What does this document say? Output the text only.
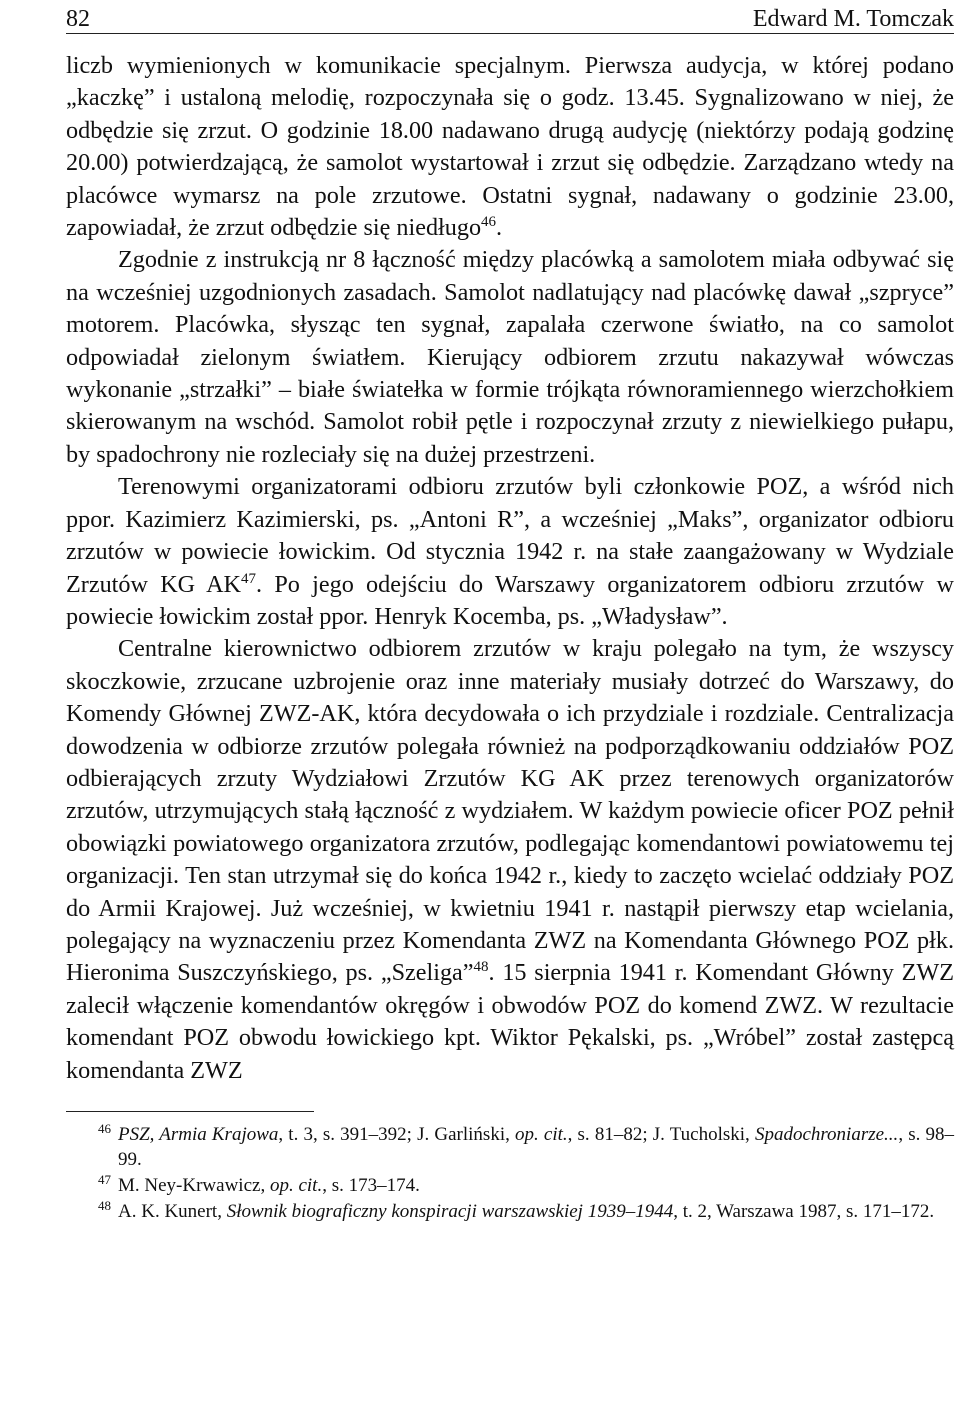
82	Edward M. Tomczak

liczb wymienionych w komunikacie specjalnym. Pierwsza audycja, w której podano „kaczkę” i ustaloną melodię, rozpoczynała się o godz. 13.45. Sygnalizowano w niej, że odbędzie się zrzut. O godzinie 18.00 nadawano drugą audycję (niektórzy podają godzinę 20.00) potwierdzającą, że samolot wystartował i zrzut się odbędzie. Zarządzano wtedy na placówce wymarsz na pole zrzutowe. Ostatni sygnał, nadawany o godzinie 23.00, zapowiadał, że zrzut odbędzie się niedługo$^{46}$.

Zgodnie z instrukcją nr 8 łączność między placówką a samolotem miała odbywać się na wcześniej uzgodnionych zasadach. Samolot nadlatujący nad placówkę dawał „szpryce” motorem. Placówka, słysząc ten sygnał, zapalała czerwone światło, na co samolot odpowiadał zielonym światłem. Kierujący odbiorem zrzutu nakazywał wówczas wykonanie „strzałki” – białe światełka w formie trójkąta równoramiennego wierzchołkiem skierowanym na wschód. Samolot robił pętle i rozpoczynał zrzuty z niewielkiego pułapu, by spadochrony nie rozleciały się na dużej przestrzeni.

Terenowymi organizatorami odbioru zrzutów byli członkowie POZ, a wśród nich ppor. Kazimierz Kazimierski, ps. „Antoni R”, a wcześniej „Maks”, organizator odbioru zrzutów w powiecie łowickim. Od stycznia 1942 r. na stałe zaangażowany w Wydziale Zrzutów KG AK$^{47}$. Po jego odejściu do Warszawy organizatorem odbioru zrzutów w powiecie łowickim został ppor. Henryk Kocemba, ps. „Władysław”.

Centralne kierownictwo odbiorem zrzutów w kraju polegało na tym, że wszyscy skoczkowie, zrzucane uzbrojenie oraz inne materiały musiały dotrzeć do Warszawy, do Komendy Głównej ZWZ-AK, która decydowała o ich przydziale i rozdziale. Centralizacja dowodzenia w odbiorze zrzutów polegała również na podporządkowaniu oddziałów POZ odbierających zrzuty Wydziałowi Zrzutów KG AK przez terenowych organizatorów zrzutów, utrzymujących stałą łączność z wydziałem. W każdym powiecie oficer POZ pełnił obowiązki powiatowego organizatora zrzutów, podlegając komendantowi powiatowemu tej organizacji. Ten stan utrzymał się do końca 1942 r., kiedy to zaczęto wcielać oddziały POZ do Armii Krajowej. Już wcześniej, w kwietniu 1941 r. nastąpił pierwszy etap wcielania, polegający na wyznaczeniu przez Komendanta ZWZ na Komendanta Głównego POZ płk. Hieronima Suszczyńskiego, ps. „Szeliga”$^{48}$. 15 sierpnia 1941 r. Komendant Główny ZWZ zalecił włączenie komendantów okręgów i obwodów POZ do komend ZWZ. W rezultacie komendant POZ obwodu łowickiego kpt. Wiktor Pękalski, ps. „Wróbel” został zastępcą komendanta ZWZ

$^{46}$ PSZ, Armia Krajowa, t. 3, s. 391–392; J. Garliński, op. cit., s. 81–82; J. Tucholski, Spadochroniarze..., s. 98–99.

$^{47}$ M. Ney-Krwawicz, op. cit., s. 173–174.

$^{48}$ A. K. Kunert, Słownik biograficzny konspiracji warszawskiej 1939–1944, t. 2, Warszawa 1987, s. 171–172.
